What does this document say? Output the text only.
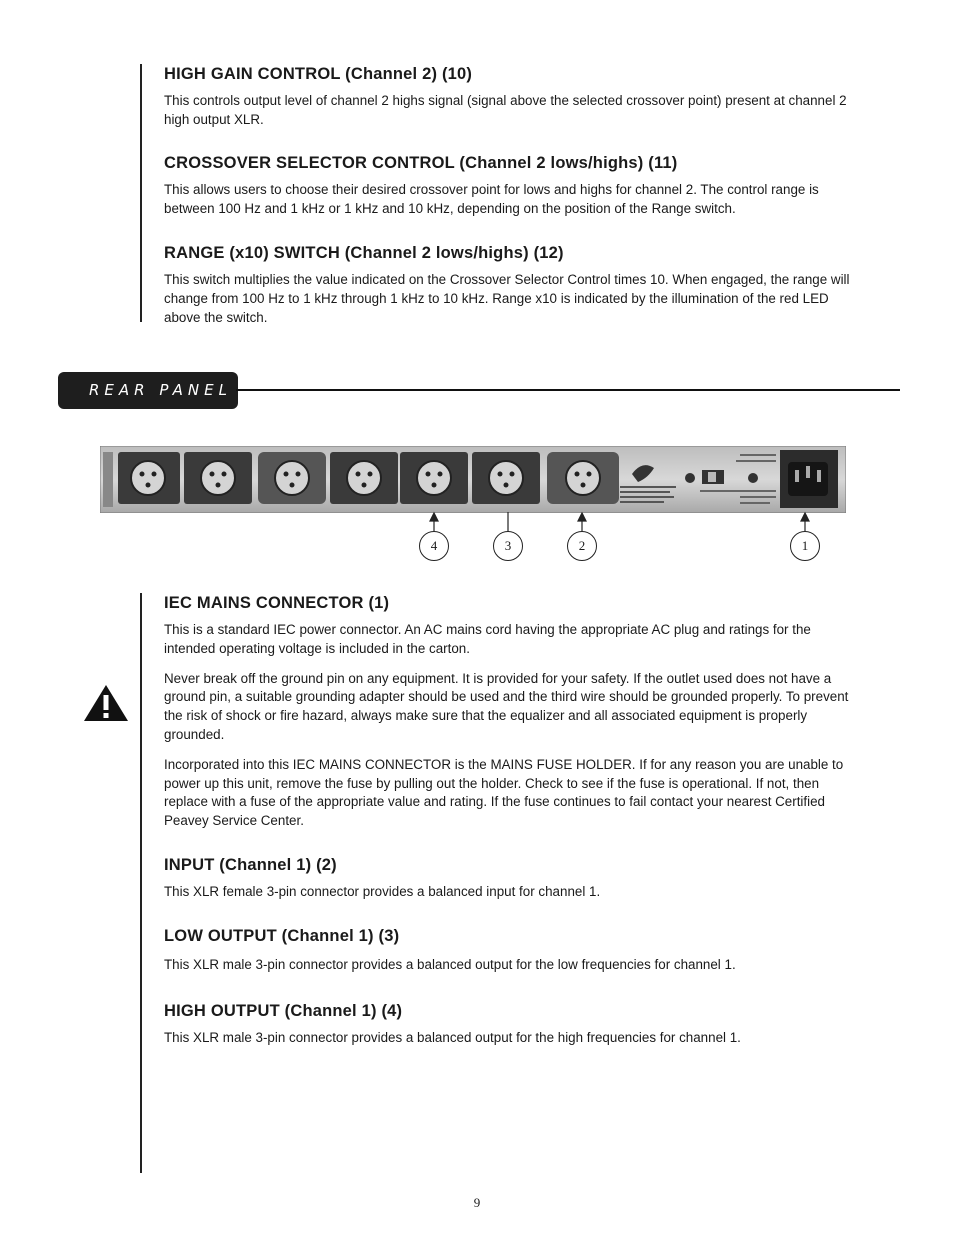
HIGH GAIN CONTROL (Channel 2) (10)

This controls output level of channel 2 highs signal (signal above the selected crossover point) present at channel 2 high output XLR.

CROSSOVER SELECTOR CONTROL (Channel 2 lows/highs) (11)

This allows users to choose their desired crossover point for lows and highs for channel 2. The control range is between 100 Hz and 1 kHz or 1 kHz and 10 kHz, depending on the position of the Range switch.

RANGE (x10) SWITCH (Channel 2 lows/highs) (12)

This switch multiplies the value indicated on the Crossover Selector Control times 10. When engaged, the range will change from 100 Hz to 1 kHz through 1 kHz to 10 kHz. Range x10 is indicated by the illumination of the red LED above the switch.

REAR PANEL
4	3	2	1
IEC MAINS CONNECTOR (1)

This is a standard IEC power connector. An AC mains cord having the appropriate AC plug and ratings for the intended operating voltage is included in the carton.

Never break off the ground pin on any equipment. It is provided for your safety. If the outlet used does not have a ground pin, a suitable grounding adapter should be used and the third wire should be grounded properly. To prevent the risk of shock or fire hazard, always make sure that the equalizer and all associated equipment is properly grounded.

Incorporated into this IEC MAINS CONNECTOR is the MAINS FUSE HOLDER. If for any reason you are unable to power up this unit, remove the fuse by pulling out the holder. Check to see if the fuse is operational. If not, then replace with a fuse of the appropriate value and rating. If the fuse continues to fail contact your nearest Certified Peavey Service Center.

INPUT (Channel 1) (2)

This XLR female 3-pin connector provides a balanced input for channel 1.

LOW OUTPUT (Channel 1) (3)

This XLR male 3-pin connector provides a balanced output for the low frequencies for channel 1.

HIGH OUTPUT (Channel 1) (4)

This XLR male 3-pin connector provides a balanced output for the high frequencies for channel 1.

9
